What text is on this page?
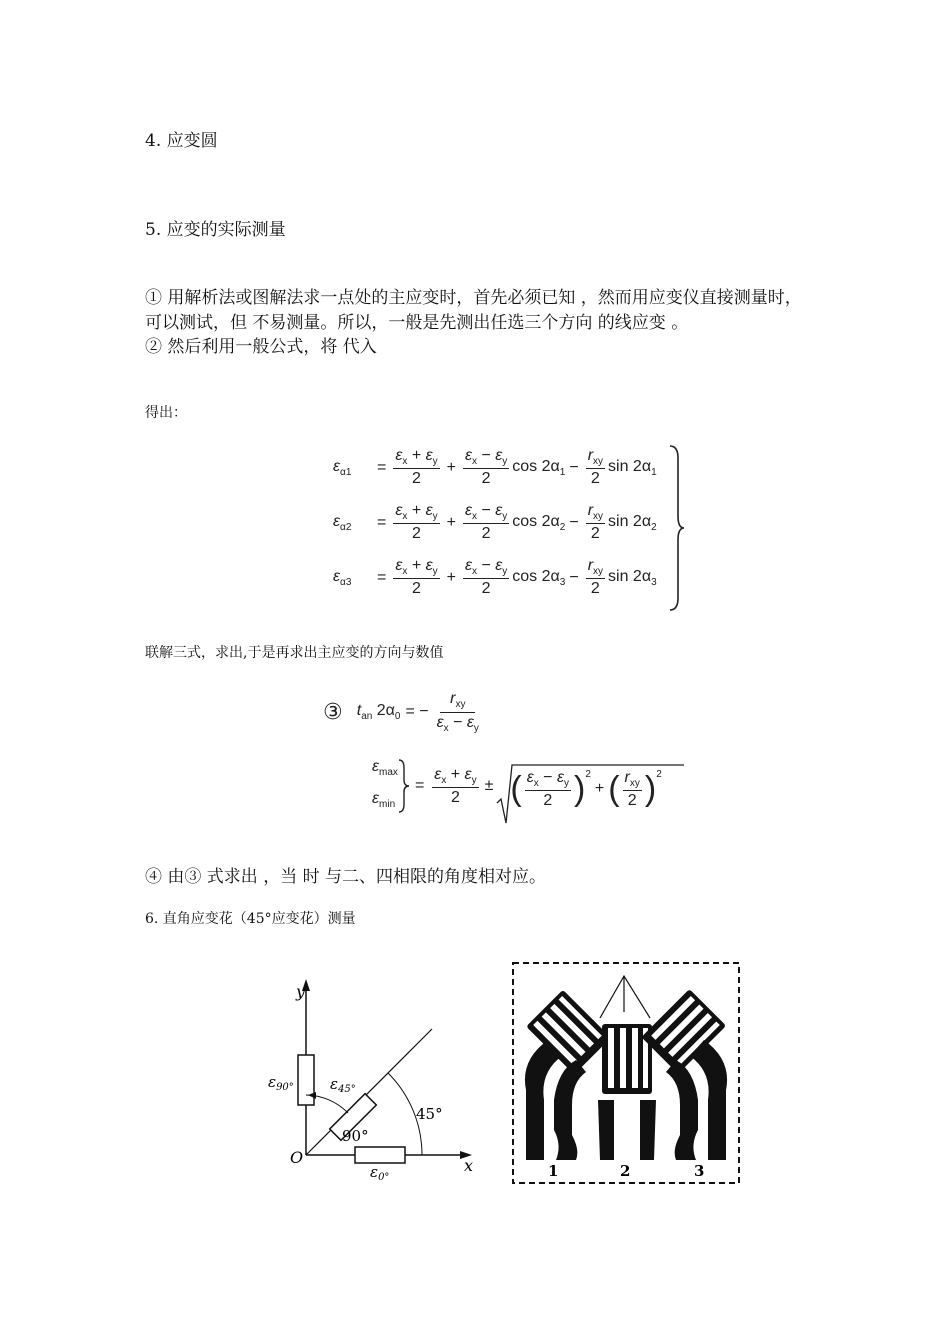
4. 应变圆
5. 应变的实际测量
① 用解析法或图解法求一点处的主应变时，首先必须已知 ，然而用应变仪直接测量时，
可以测试，但 不易测量。所以，一般是先测出任选三个方向 的线应变 。
② 然后利用一般公式，将 代入
得出：
$\varepsilon_{\alpha 1}$	= $\frac{\varepsilon_x + \varepsilon_y}{2} + \frac{\varepsilon_x - \varepsilon_y}{2}$ $\cos 2\alpha_1 - \frac{r_{xy}}{2}$ $\sin 2\alpha_1$
$\varepsilon_{\alpha 2}$	= $\frac{\varepsilon_x + \varepsilon_y}{2} + \frac{\varepsilon_x - \varepsilon_y}{2}$ $\cos 2\alpha_2 - \frac{r_{xy}}{2}$ $\sin 2\alpha_2$
$\varepsilon_{\alpha 3}$	= $\frac{\varepsilon_x + \varepsilon_y}{2} + \frac{\varepsilon_x - \varepsilon_y}{2}$ $\cos 2\alpha_3 - \frac{r_{xy}}{2}$ $\sin 2\alpha_3$
联解三式，求出,于是再求出主应变的方向与数值
③ $t_{an}$ $2\alpha_0$ = − $\frac{r_{xy}}{\varepsilon_x - \varepsilon_y}$
$\varepsilon_{max}$
$\varepsilon_{min}$
= $\frac{\varepsilon_x + \varepsilon_y}{2}$ ± ( $\frac{\varepsilon_x - \varepsilon_y}{2} )^2$
+ ( $\frac{r_{xy}}{2} )^2$
④ 由③ 式求出 ，当 时 与二、四相限的角度相对应。
6. 直角应变花（45°应变花）测量
y
x
O
$\varepsilon_{90^\circ}$ $\varepsilon_{45^\circ}$
$\varepsilon_{0^\circ}$
45°
90°
1	2	3
